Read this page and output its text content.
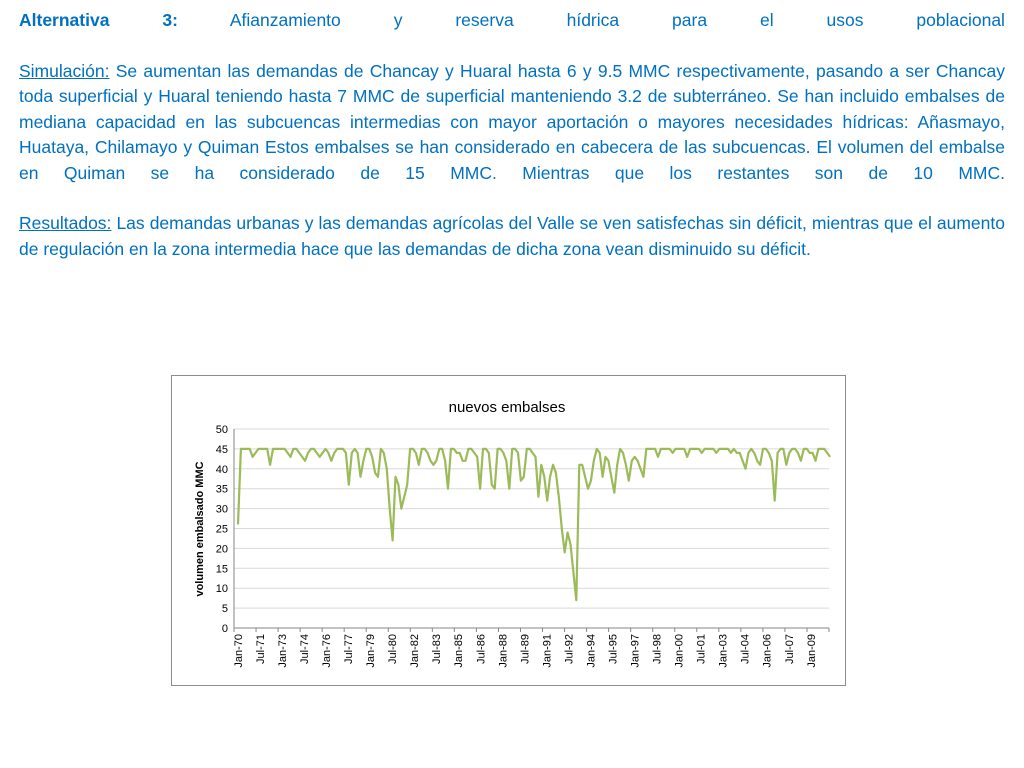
Alternativa 3:	Afianzamiento	y	reserva	hídrica	para	el	usos	poblacional

Simulación: Se aumentan las demandas de Chancay y Huaral hasta 6 y 9.5 MMC respectivamente, pasando a ser Chancay toda superficial y Huaral teniendo hasta 7 MMC de superficial manteniendo 3.2 de subterráneo. Se han incluido embalses de mediana capacidad en las subcuencas intermedias con mayor aportación o mayores necesidades hídricas: Añasmayo, Huataya, Chilamayo y Quiman Estos embalses se han considerado en cabecera de las subcuencas. El volumen del embalse en Quiman se ha considerado de 15 MMC. Mientras que los restantes son de 10 MMC.

Resultados: Las demandas urbanas y las demandas agrícolas del Valle se ven satisfechas sin déficit, mientras que el aumento de regulación en la zona intermedia hace que las demandas de dicha zona vean disminuido su déficit.

nuevos embalses
volumen embalsado MMC
0
5
10
15
20
25
30
35
40
45
50
Jan-70 Jul-71 Jan-73 Jul-74 Jan-76 Jul-77 Jan-79 Jul-80 Jan-82 Jul-83 Jan-85 Jul-86 Jan-88 Jul-89 Jan-91 Jul-92 Jan-94 Jul-95 Jan-97 Jul-98 Jan-00 Jul-01 Jan-03 Jul-04 Jan-06 Jul-07 Jan-09
